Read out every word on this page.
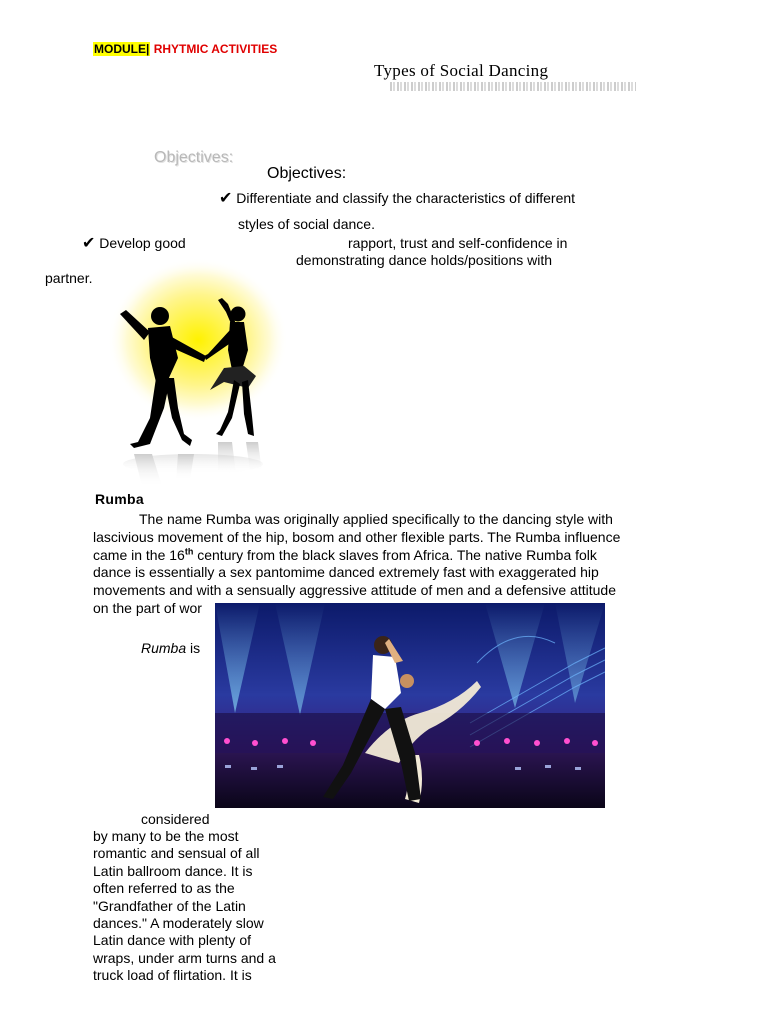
MODULE| RHYTMIC ACTIVITIES
Types of Social Dancing
Objectives:
Objectives:
✔ Differentiate and classify the characteristics of different
styles of social dance.
✔ Develop good	rapport, trust and self-confidence in
demonstrating dance holds/positions with
partner.
Rumba
The name Rumba was originally applied specifically to the dancing style with
lascivious movement of the hip, bosom and other flexible parts. The Rumba influence
came in the 16th century from the black slaves from Africa. The native Rumba folk
dance is essentially a sex pantomime danced extremely fast with exaggerated hip
movements and with a sensually aggressive attitude of men and a defensive attitude
on the part of wor
Rumba is
considered
by many to be the most
romantic and sensual of all
Latin ballroom dance. It is
often referred to as the
"Grandfather of the Latin
dances." A moderately slow
Latin dance with plenty of
wraps, under arm turns and a
truck load of flirtation. It is
